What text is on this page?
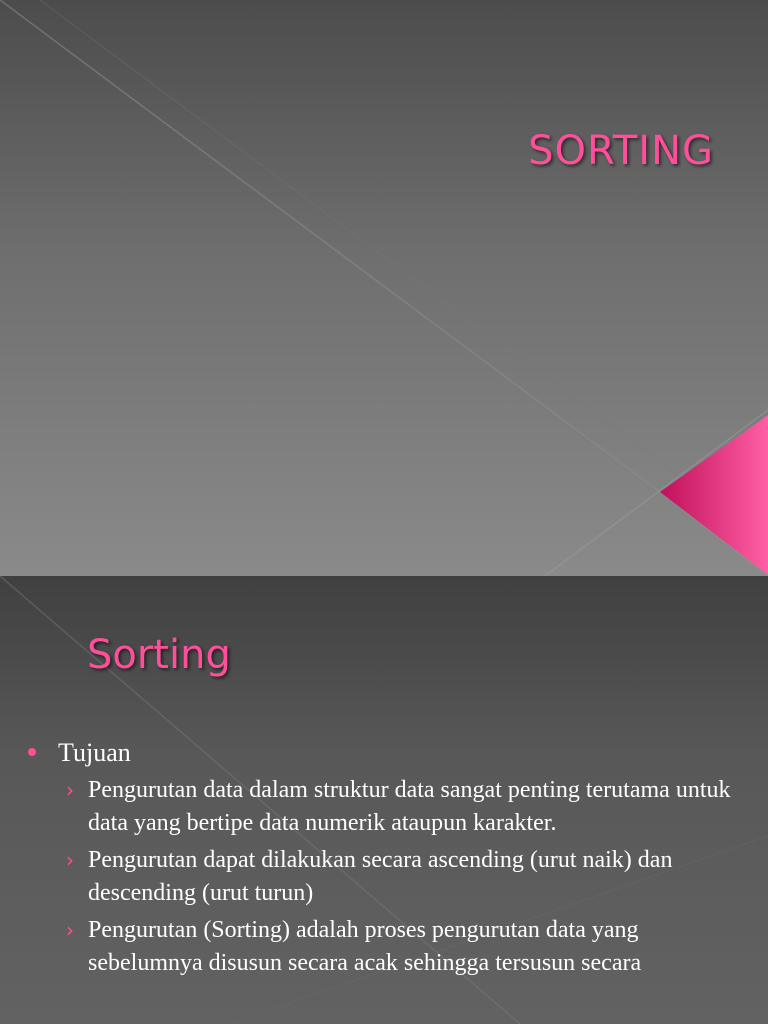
SORTING
Sorting
Tujuan
› Pengurutan data dalam struktur data sangat penting terutama untuk data yang bertipe data numerik ataupun karakter.
› Pengurutan dapat dilakukan secara ascending (urut naik) dan descending (urut turun)
› Pengurutan (Sorting) adalah proses pengurutan data yang sebelumnya disusun secara acak sehingga tersusun secara
